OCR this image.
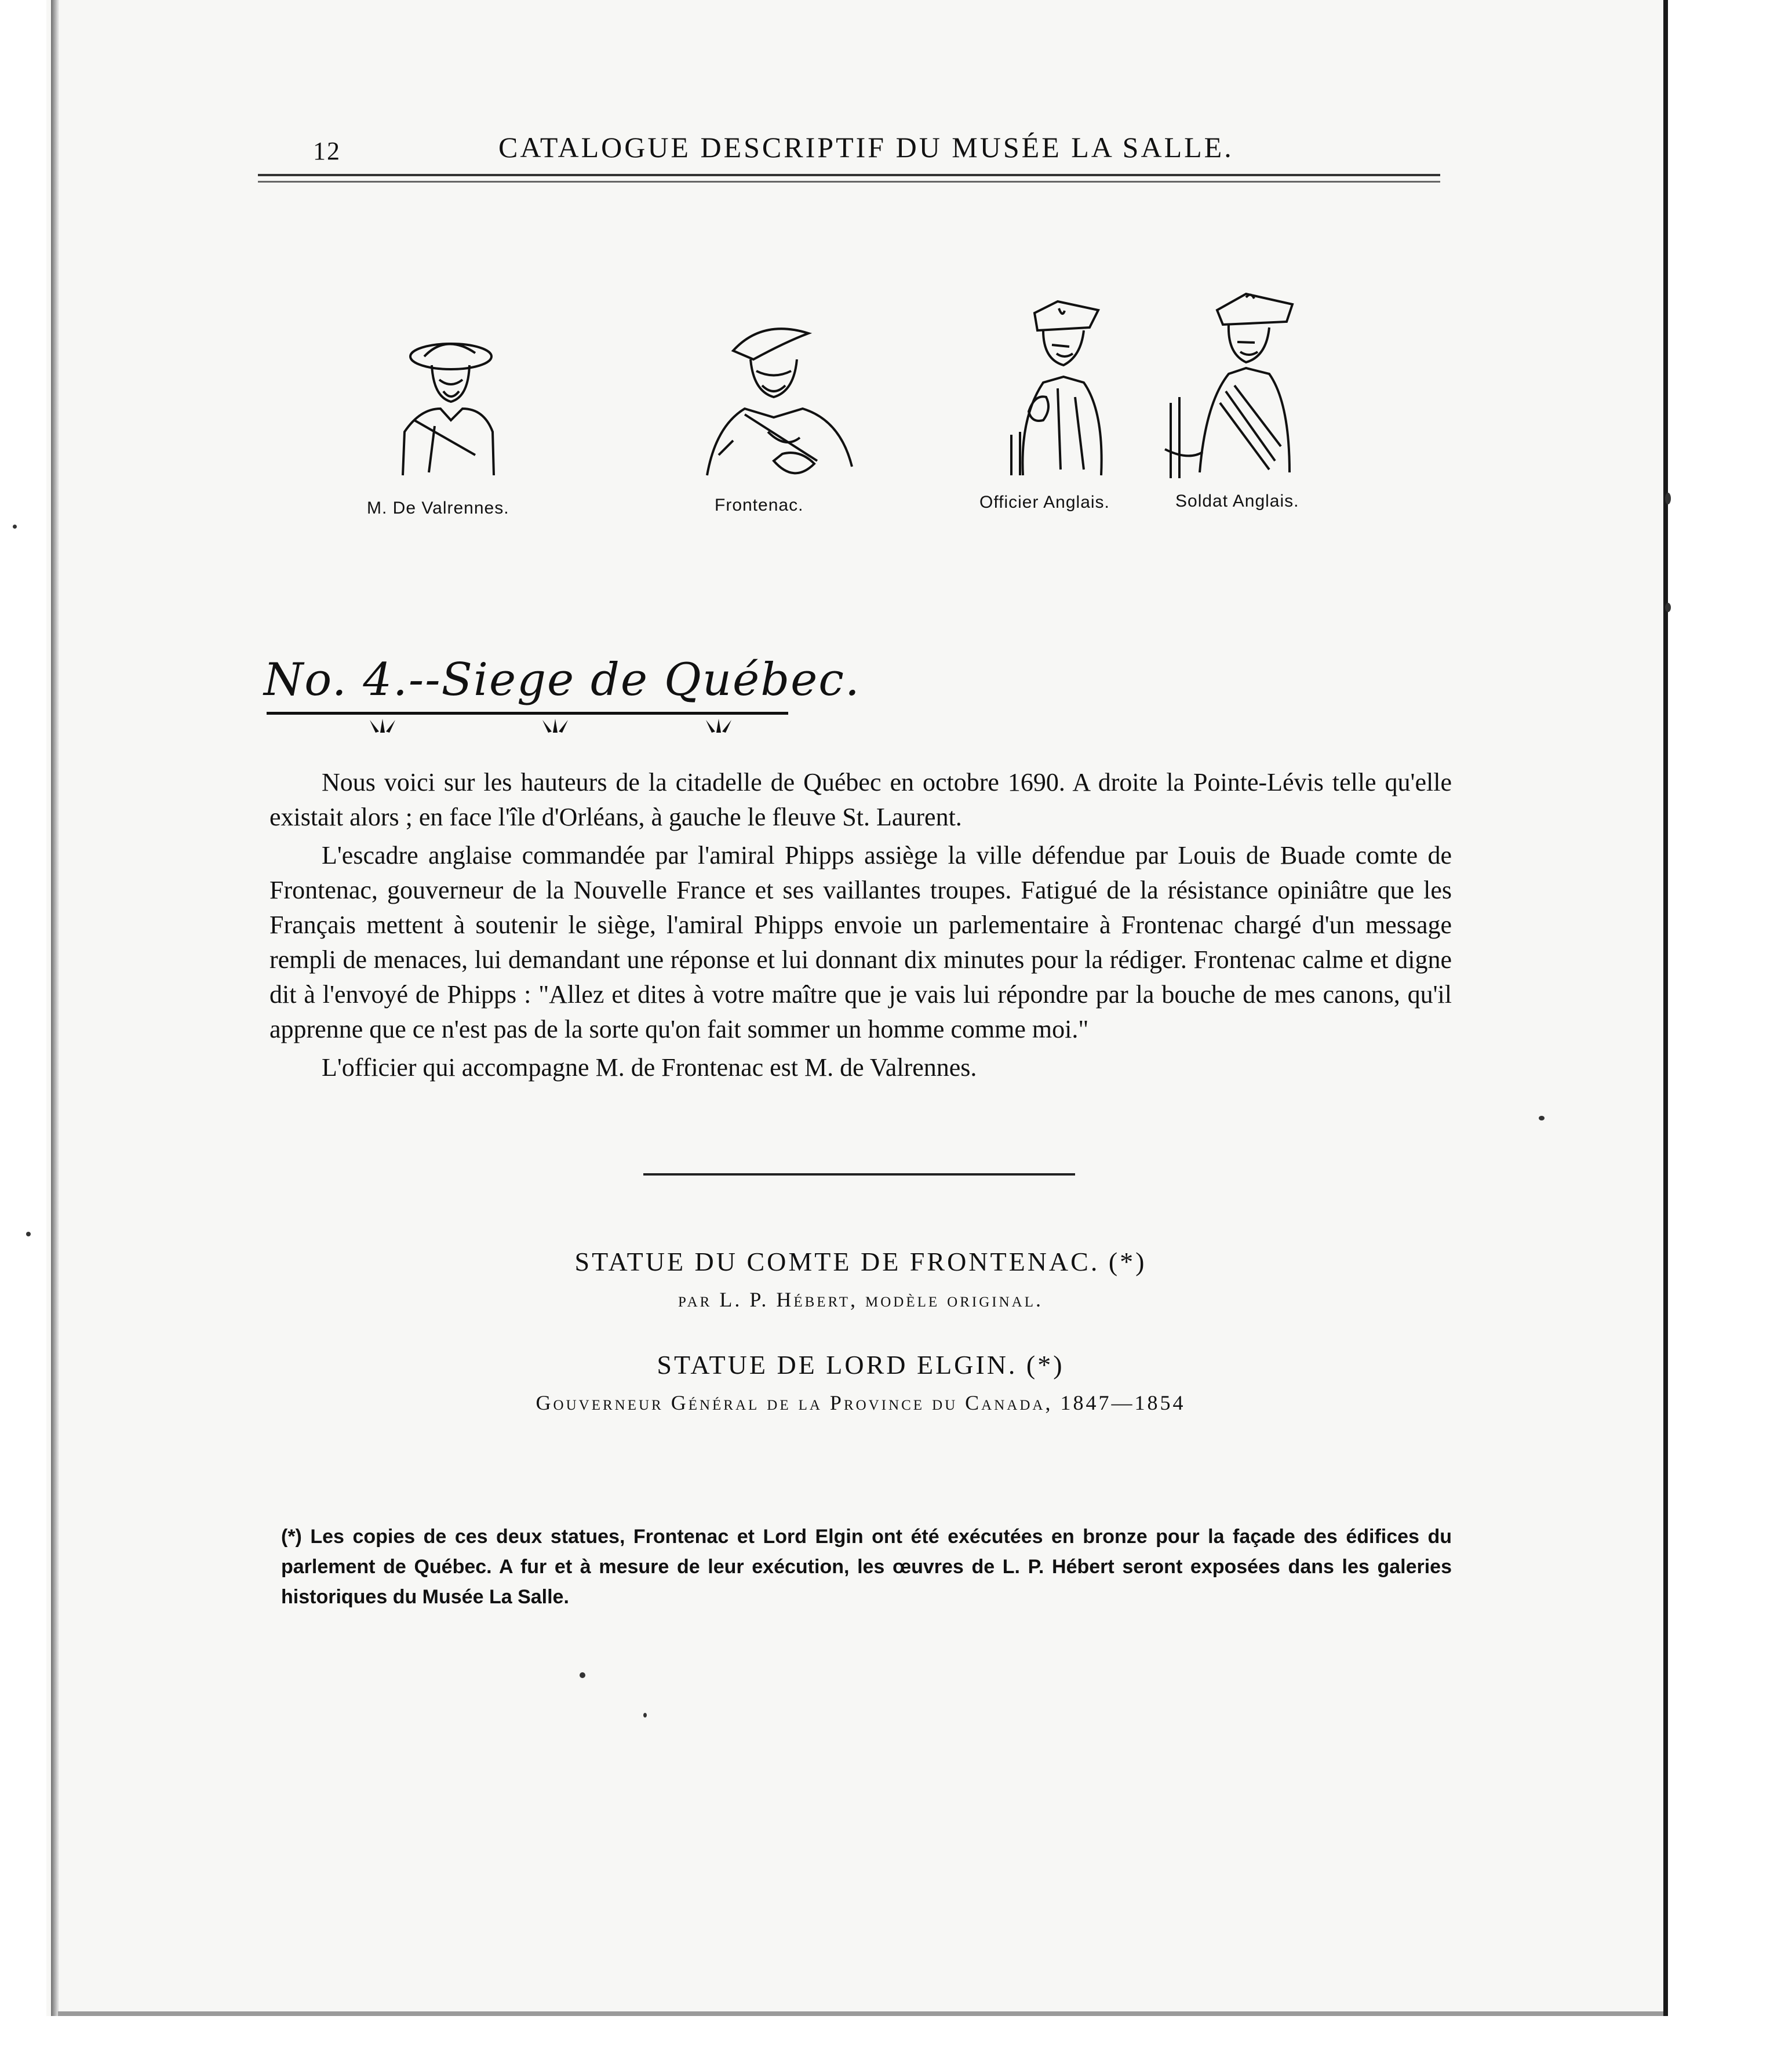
12	CATALOGUE DESCRIPTIF DU MUSÉE LA SALLE.
M. De Valrennes.	Frontenac.	Officier Anglais.	Soldat Anglais.
No. 4.--Siege de Québec.

Nous voici sur les hauteurs de la citadelle de Québec en octobre 1690. A droite la Pointe-Lévis telle qu'elle existait alors ; en face l'île d'Orléans, à gauche le fleuve St. Laurent.

L'escadre anglaise commandée par l'amiral Phipps assiège la ville défendue par Louis de Buade comte de Frontenac, gouverneur de la Nouvelle France et ses vaillantes troupes. Fatigué de la résistance opiniâtre que les Français mettent à soutenir le siège, l'amiral Phipps envoie un parlementaire à Frontenac chargé d'un message rempli de menaces, lui demandant une réponse et lui donnant dix minutes pour la rédiger. Frontenac calme et digne dit à l'envoyé de Phipps : "Allez et dites à votre maître que je vais lui répondre par la bouche de mes canons, qu'il apprenne que ce n'est pas de la sorte qu'on fait sommer un homme comme moi."

L'officier qui accompagne M. de Frontenac est M. de Valrennes.

STATUE DU COMTE DE FRONTENAC. (*)
par L. P. Hébert, modèle original.
STATUE DE LORD ELGIN. (*)
Gouverneur Général de la Province du Canada, 1847—1854
(*) Les copies de ces deux statues, Frontenac et Lord Elgin ont été exécutées en bronze pour la façade des édifices du parlement de Québec. A fur et à mesure de leur exécution, les œuvres de L. P. Hébert seront exposées dans les galeries historiques du Musée La Salle.
